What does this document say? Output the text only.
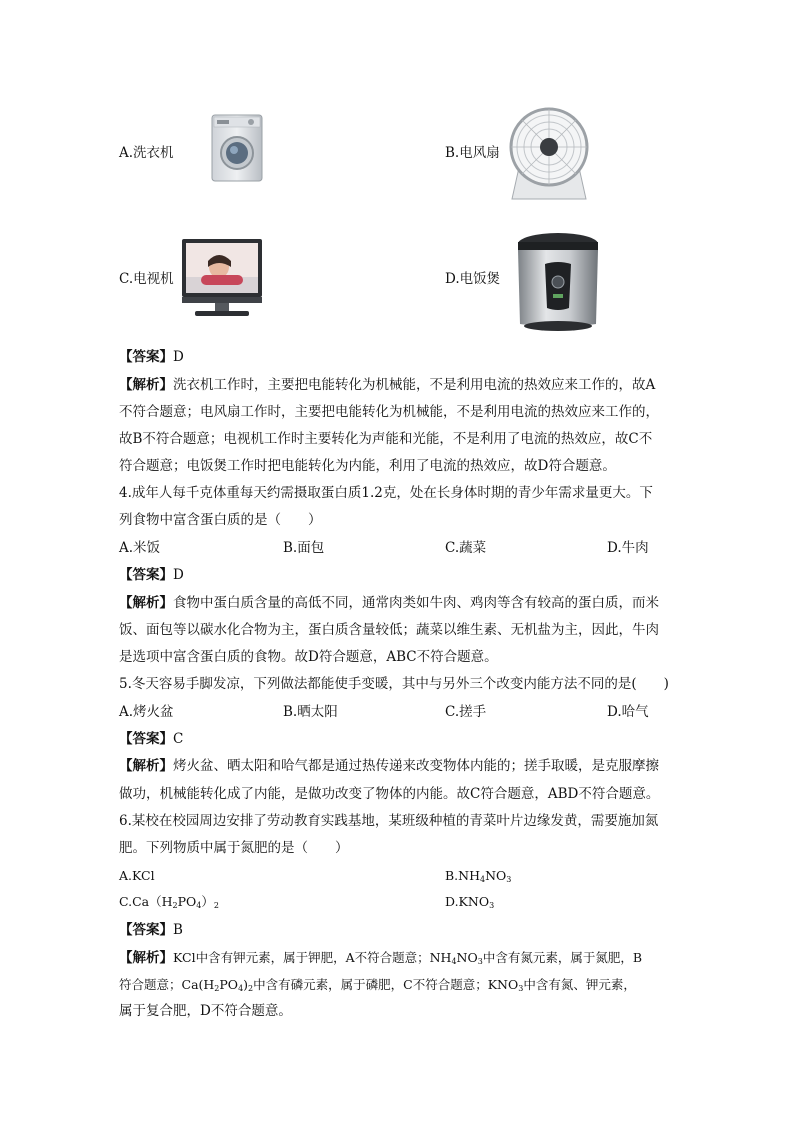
A.洗衣机	B.电风扇
C.电视机	D.电饭煲
【答案】D
【解析】洗衣机工作时，主要把电能转化为机械能，不是利用电流的热效应来工作的，故A
不符合题意；电风扇工作时，主要把电能转化为机械能，不是利用电流的热效应来工作的，
故B不符合题意；电视机工作时主要转化为声能和光能，不是利用了电流的热效应，故C不
符合题意；电饭煲工作时把电能转化为内能，利用了电流的热效应，故D符合题意。
4.成年人每千克体重每天约需摄取蛋白质1.2克，处在长身体时期的青少年需求量更大。下
列食物中富含蛋白质的是（　　）
A.米饭	B.面包	C.蔬菜	D.牛肉
【答案】D
【解析】食物中蛋白质含量的高低不同，通常肉类如牛肉、鸡肉等含有较高的蛋白质，而米
饭、面包等以碳水化合物为主，蛋白质含量较低；蔬菜以维生素、无机盐为主，因此，牛肉
是选项中富含蛋白质的食物。故D符合题意，ABC不符合题意。
5.冬天容易手脚发凉，下列做法都能使手变暖，其中与另外三个改变内能方法不同的是(　　)
A.烤火盆	B.晒太阳	C.搓手	D.哈气
【答案】C
【解析】烤火盆、晒太阳和哈气都是通过热传递来改变物体内能的；搓手取暖，是克服摩擦
做功，机械能转化成了内能，是做功改变了物体的内能。故C符合题意，ABD不符合题意。
6.某校在校园周边安排了劳动教育实践基地，某班级种植的青菜叶片边缘发黄，需要施加氮
肥。下列物质中属于氮肥的是（　　）
A.KCl	$B.NH_4NO_3$
$C.Ca(H_2PO_4)_2$	$D.KNO_3$
【答案】B
【解析】KCl中含有钾元素，属于钾肥，A不符合题意；$NH_4NO_3$中含有氮元素，属于氮肥，B
符合题意；$Ca(H_2PO_4)_2$中含有磷元素，属于磷肥，C不符合题意；$KNO_3$中含有氮、钾元素，
属于复合肥，D不符合题意。
